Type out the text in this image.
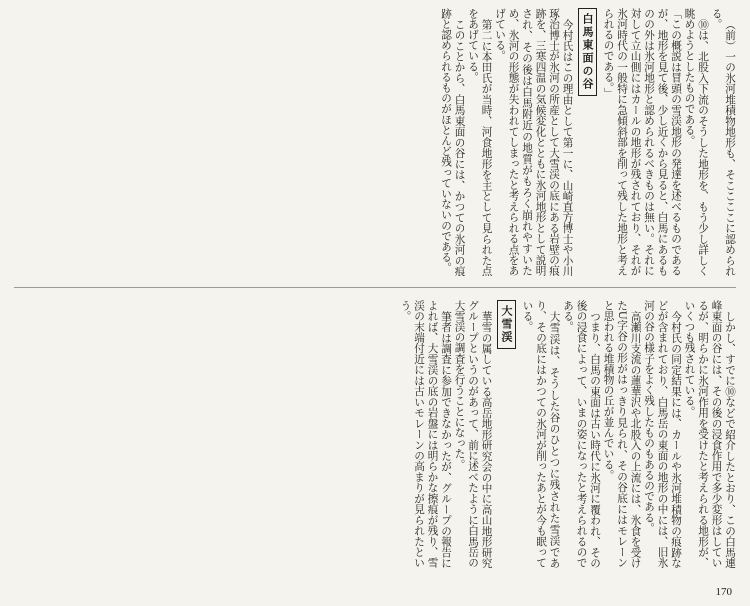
（前）一の氷河堆積物地形も、そここここに認められる。

⑩は、北股入下流のそうした地形を、もう少し詳しく眺めようとしたものである。

「この概説は冒頭の雪渓地形の発達を述べるものであるが、地形を見て後、少し近くから見ると、白馬にあるものの外は氷河地形と認められるべきものは無い。それに対して立山側にはカールの地形が残されており、それが氷河時代の一般特に急傾斜部を削って残した地形と考えられるのである。」

白馬東面の谷

今村氏はこの理由として第一に、山崎直方博士や小川琢治博士が氷河の所産として大雪渓の底にある岩壁の痕跡を、三寒四温の気候変化とともに氷河地形として説明され、その後は白馬附近の地質がもろく崩れやすいため、氷河の形態が失われてしまったと考えられる点をあげている。

第二に本田氏が当時、河食地形を主として見られた点をあげている。

このことから、白馬東面の谷には、かつての氷河の痕跡と認められるものがほとんど残っていないのである。

しかし、すでに⑩などで紹介したとおり、この白馬連峰東面の谷には、その後の浸食作用で多少変形はしているが、明らかに氷河作用を受けたと考えられる地形が、いくつも残されている。

今村氏の同定結果には、カールや氷河堆積物の痕跡などが含まれており、白馬岳の東面の地形の中には、旧氷河の谷の様子をよく残したものもあるのである。

高瀬川支流の蓮華沢や北股入の上流には、氷食を受けたU字谷の形がはっきり見られ、その谷底にはモレーンと思われる堆積物の丘が並んでいる。

つまり、白馬の東面は古い時代に氷河に覆われ、その後の浸食によって、いまの姿になったと考えられるのである。

大雪渓は、そうした谷のひとつに残された雪渓であり、その底にはかつての氷河が削ったあとが今も眠っている。

大雪渓

華雪の属している高岳地形研究会の中に高山地形研究グループというのがあって、前に述べたように白馬岳の大雪渓の調査を行うことになった。

筆者は調査に参加できなかったが、グループの報告によれば、大雪渓の底の岩盤には明らかな擦痕が残り、雪渓の末端付近には古いモレーンの高まりが見られたという。

170
